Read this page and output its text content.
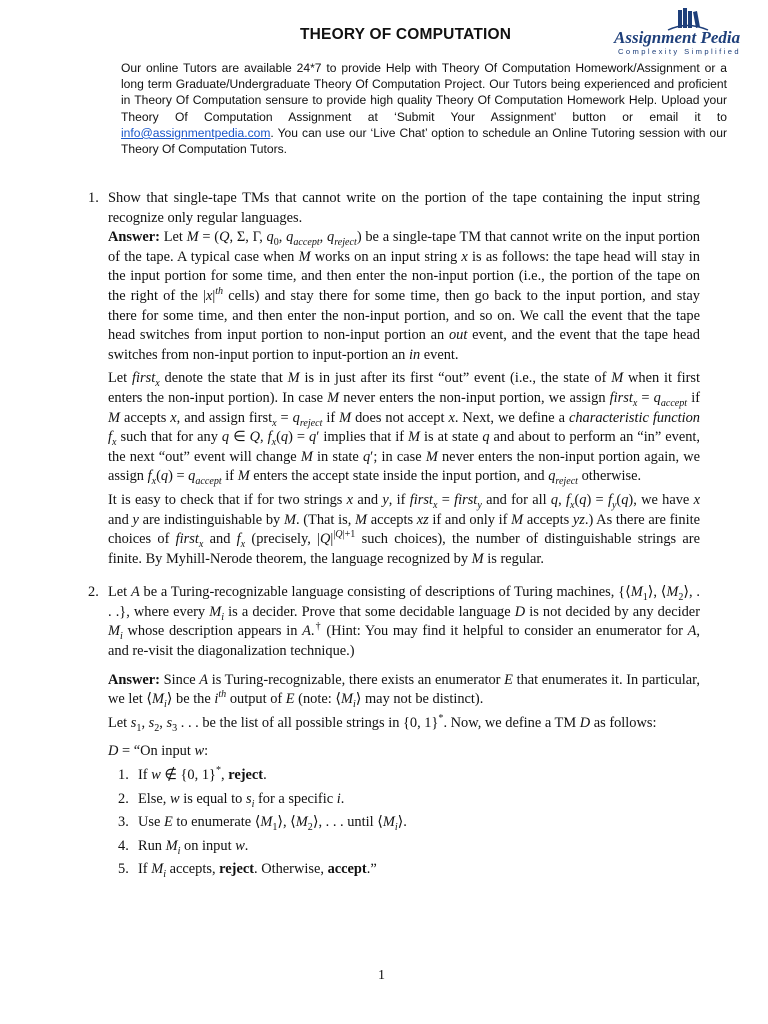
THEORY OF COMPUTATION	Assignment Pedia
Complexity Simplified
Our online Tutors are available 24*7 to provide Help with Theory Of Computation Homework/Assignment or a long term Graduate/Undergraduate Theory Of Computation Project. Our Tutors being experienced and proficient in Theory Of Computation sensure to provide high quality Theory Of Computation Homework Help. Upload your Theory Of Computation Assignment at ‘Submit Your Assignment’ button or email it to info@assignmentpedia.com. You can use our ‘Live Chat’ option to schedule an Online Tutoring session with our Theory Of Computation Tutors.
1. Show that single-tape TMs that cannot write on the portion of the tape containing the input string recognize only regular languages.

Answer: Let M = (Q, Σ, Γ, $q_0$, $q_{accept}$, $q_{reject}$) be a single-tape TM that cannot write on the input portion of the tape. A typical case when M works on an input string x is as follows: the tape head will stay in the input portion for some time, and then enter the non-input portion (i.e., the portion of the tape on the right of the $|x|^{th}$ cells) and stay there for some time, then go back to the input portion, and stay there for some time, and then enter the non-input portion, and so on. We call the event that the tape head switches from input portion to non-input portion an out event, and the event that the tape head switches from non-input portion to input-portion an in event.

Let first$_x$ denote the state that M is in just after its first “out” event (i.e., the state of M when it first enters the non-input portion). In case M never enters the non-input portion, we assign first$_x$ = $q_{accept}$ if M accepts x, and assign first$_x$ = $q_{reject}$ if M does not accept x. Next, we define a characteristic function $f_x$ such that for any q ∈ Q, $f_x(q) = q'$ implies that if M is at state q and about to perform an “in” event, the next “out” event will change M in state q′; in case M never enters the non-input portion again, we assign $f_x(q) = q_{accept}$ if M enters the accept state inside the input portion, and $q_{reject}$ otherwise.

It is easy to check that if for two strings x and y, if first$_x$ = first$_y$ and for all q, $f_x(q) = f_y(q)$, we have x and y are indistinguishable by M. (That is, M accepts xz if and only if M accepts yz.) As there are finite choices of first$_x$ and $f_x$ (precisely, $|Q|^{|Q|+1}$ such choices), the number of distinguishable strings are finite. By Myhill-Nerode theorem, the language recognized by M is regular.

2. Let A be a Turing-recognizable language consisting of descriptions of Turing machines, {$⟨M_1⟩$, $⟨M_2⟩$, . . .}, where every $M_i$ is a decider. Prove that some decidable language D is not decided by any decider $M_i$ whose description appears in A.† (Hint: You may find it helpful to consider an enumerator for A, and re-visit the diagonalization technique.)

Answer: Since A is Turing-recognizable, there exists an enumerator E that enumerates it. In particular, we let $⟨M_i⟩$ be the $i^{th}$ output of E (note: $⟨M_i⟩$ may not be distinct).

Let $s_1$, $s_2$, $s_3$ . . . be the list of all possible strings in {0, 1}*. Now, we define a TM D as follows:

D = “On input w:

1. If w ∉ {0, 1}*, reject.
2. Else, w is equal to $s_i$ for a specific i.
3. Use E to enumerate $⟨M_1⟩$, $⟨M_2⟩$, . . . until $⟨M_i⟩$.
4. Run $M_i$ on input w.
5. If $M_i$ accepts, reject. Otherwise, accept.”
1
